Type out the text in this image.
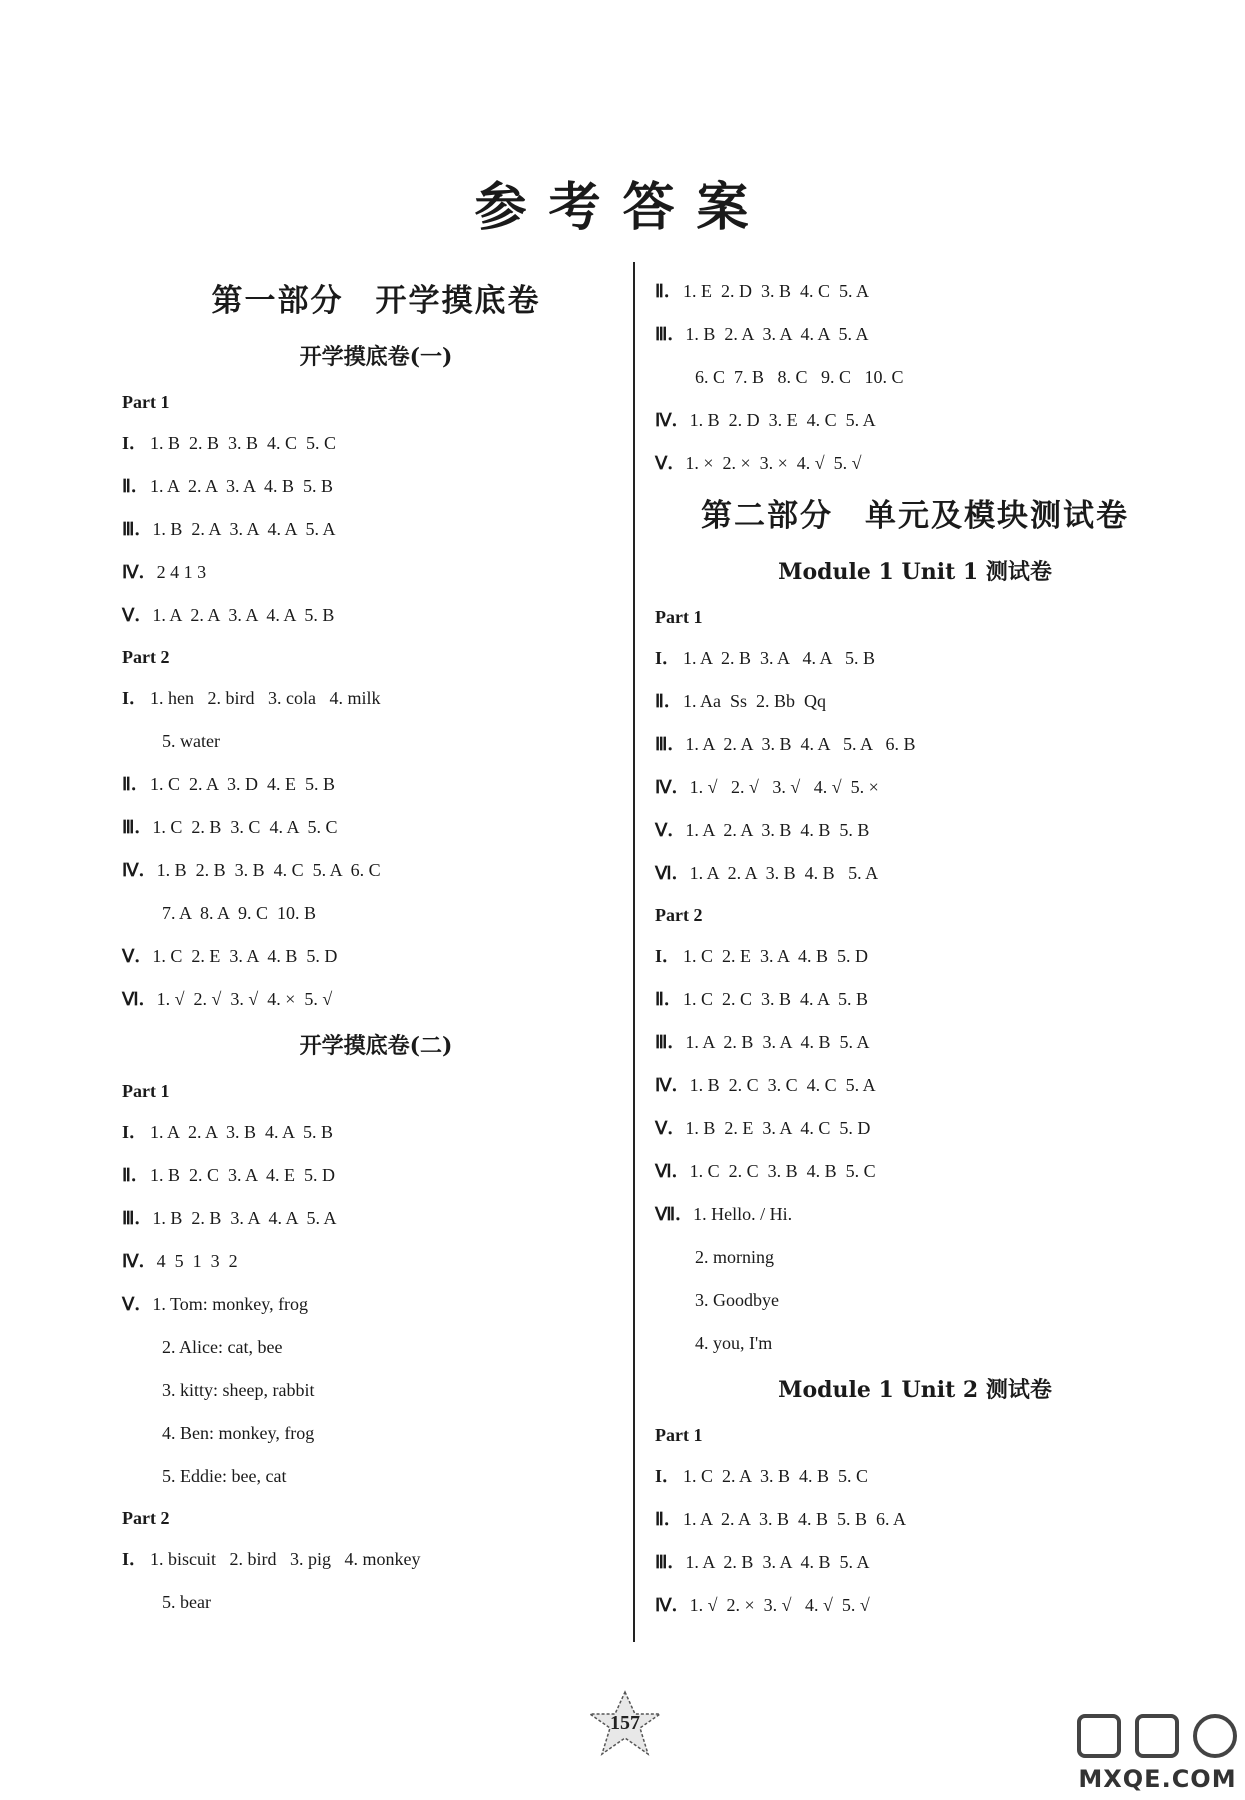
参考答案
第一部分 开学摸底卷
开学摸底卷(一)
Part 1
I． 1. B  2. B  3. B  4. C  5. C
Ⅱ．1. A  2. A  3. A  4. B  5. B
Ⅲ．1. B  2. A  3. A  4. A  5. A
Ⅳ．2 4 1 3
Ⅴ．1. A  2. A  3. A  4. A  5. B
Part 2
I． 1. hen   2. bird   3. cola   4. milk
5. water
Ⅱ．1. C  2. A  3. D  4. E  5. B
Ⅲ．1. C  2. B  3. C  4. A  5. C
Ⅳ．1. B  2. B  3. B  4. C  5. A  6. C
7. A  8. A  9. C  10. B
Ⅴ．1. C  2. E  3. A  4. B  5. D
Ⅵ．1. √  2. √  3. √  4. ×  5. √
开学摸底卷(二)
Part 1
I． 1. A  2. A  3. B  4. A  5. B
Ⅱ．1. B  2. C  3. A  4. E  5. D
Ⅲ．1. B  2. B  3. A  4. A  5. A
Ⅳ．4  5  1  3  2
Ⅴ．1. Tom: monkey, frog
2. Alice: cat, bee
3. kitty: sheep, rabbit
4. Ben: monkey, frog
5. Eddie: bee, cat
Part 2
I． 1. biscuit   2. bird   3. pig   4. monkey
5. bear
Ⅱ．1. E  2. D  3. B  4. C  5. A
Ⅲ．1. B  2. A  3. A  4. A  5. A
6. C  7. B   8. C   9. C   10. C
Ⅳ．1. B  2. D  3. E  4. C  5. A
Ⅴ．1. ×  2. ×  3. ×  4. √  5. √
第二部分 单元及模块测试卷
Module 1 Unit 1 测试卷
Part 1
I． 1. A  2. B  3. A   4. A   5. B
Ⅱ．1. Aa  Ss  2. Bb  Qq
Ⅲ．1. A  2. A  3. B  4. A   5. A   6. B
Ⅳ．1. √   2. √   3. √   4. √  5. ×
Ⅴ．1. A  2. A  3. B  4. B  5. B
Ⅵ．1. A  2. A  3. B  4. B   5. A
Part 2
I． 1. C  2. E  3. A  4. B  5. D
Ⅱ．1. C  2. C  3. B  4. A  5. B
Ⅲ．1. A  2. B  3. A  4. B  5. A
Ⅳ．1. B  2. C  3. C  4. C  5. A
Ⅴ．1. B  2. E  3. A  4. C  5. D
Ⅵ．1. C  2. C  3. B  4. B  5. C
Ⅶ．1. Hello. / Hi.
2. morning
3. Goodbye
4. you, I'm
Module 1 Unit 2 测试卷
Part 1
I． 1. C  2. A  3. B  4. B  5. C
Ⅱ．1. A  2. A  3. B  4. B  5. B  6. A
Ⅲ．1. A  2. B  3. A  4. B  5. A
Ⅳ．1. √  2. ×  3. √   4. √  5. √
157
MXQE.COM
